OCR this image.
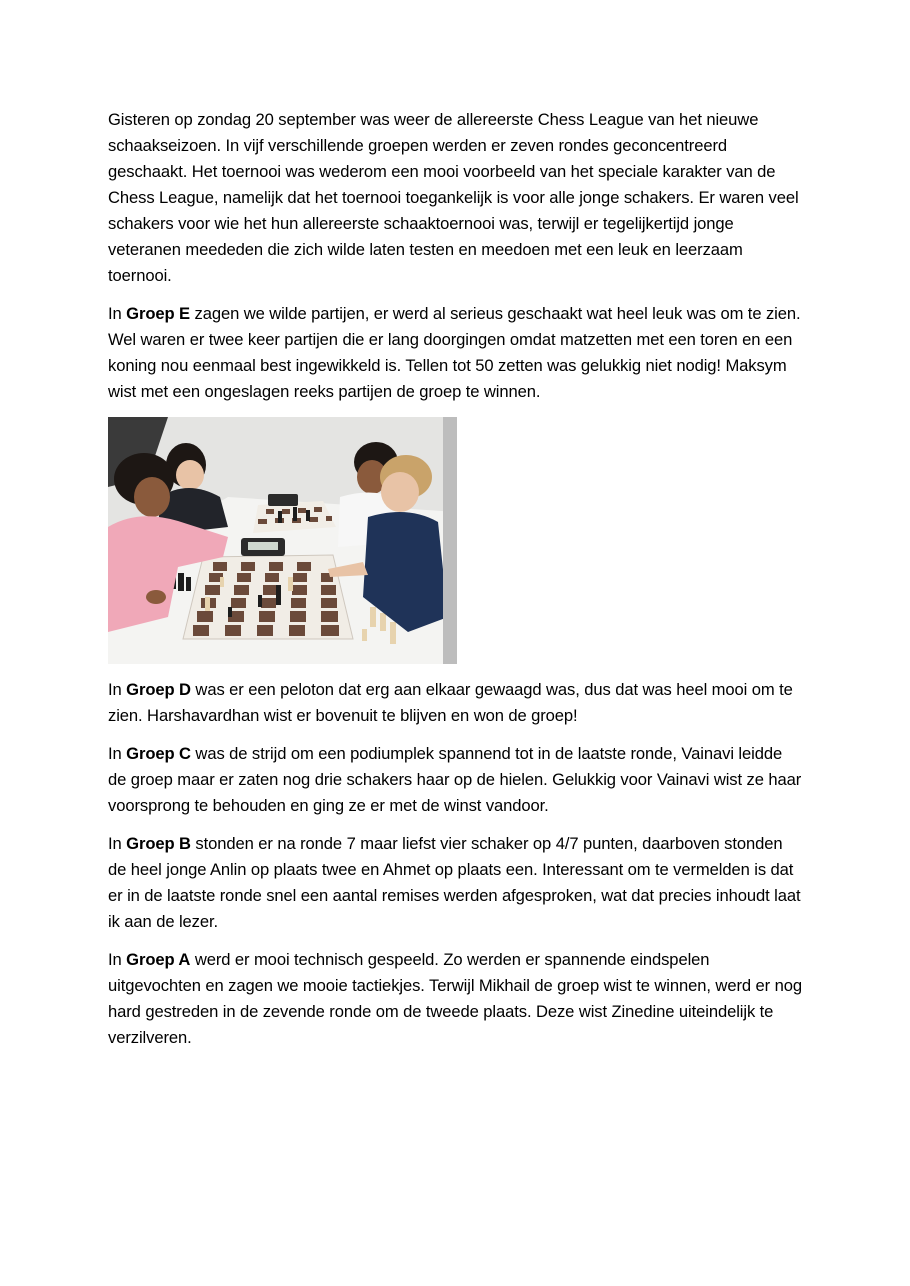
Gisteren op zondag 20 september was weer de allereerste Chess League van het nieuwe schaakseizoen. In vijf verschillende groepen werden er zeven rondes geconcentreerd geschaakt. Het toernooi was wederom een mooi voorbeeld van het speciale karakter van de Chess League, namelijk dat het toernooi toegankelijk is voor alle jonge schakers. Er waren veel schakers voor wie het hun allereerste schaaktoernooi was, terwijl er tegelijkertijd jonge veteranen meededen die zich wilde laten testen en meedoen met een leuk en leerzaam toernooi.

In Groep E zagen we wilde partijen, er werd al serieus geschaakt wat heel leuk was om te zien. Wel waren er twee keer partijen die er lang doorgingen omdat matzetten met een toren en een koning nou eenmaal best ingewikkeld is. Tellen tot 50 zetten was gelukkig niet nodig! Maksym wist met een ongeslagen reeks partijen de groep te winnen.

In Groep D was er een peloton dat erg aan elkaar gewaagd was, dus dat was heel mooi om te zien. Harshavardhan wist er bovenuit te blijven en won de groep!

In Groep C was de strijd om een podiumplek spannend tot in de laatste ronde, Vainavi leidde de groep maar er zaten nog drie schakers haar op de hielen. Gelukkig voor Vainavi wist ze haar voorsprong te behouden en ging ze er met de winst vandoor.

In Groep B stonden er na ronde 7 maar liefst vier schaker op 4/7 punten, daarboven stonden de heel jonge Anlin op plaats twee en Ahmet op plaats een. Interessant om te vermelden is dat er in de laatste ronde snel een aantal remises werden afgesproken, wat dat precies inhoudt laat ik aan de lezer.

In Groep A werd er mooi technisch gespeeld. Zo werden er spannende eindspelen uitgevochten en zagen we mooie tactiekjes. Terwijl Mikhail de groep wist te winnen, werd er nog hard gestreden in de zevende ronde om de tweede plaats. Deze wist Zinedine uiteindelijk te verzilveren.
